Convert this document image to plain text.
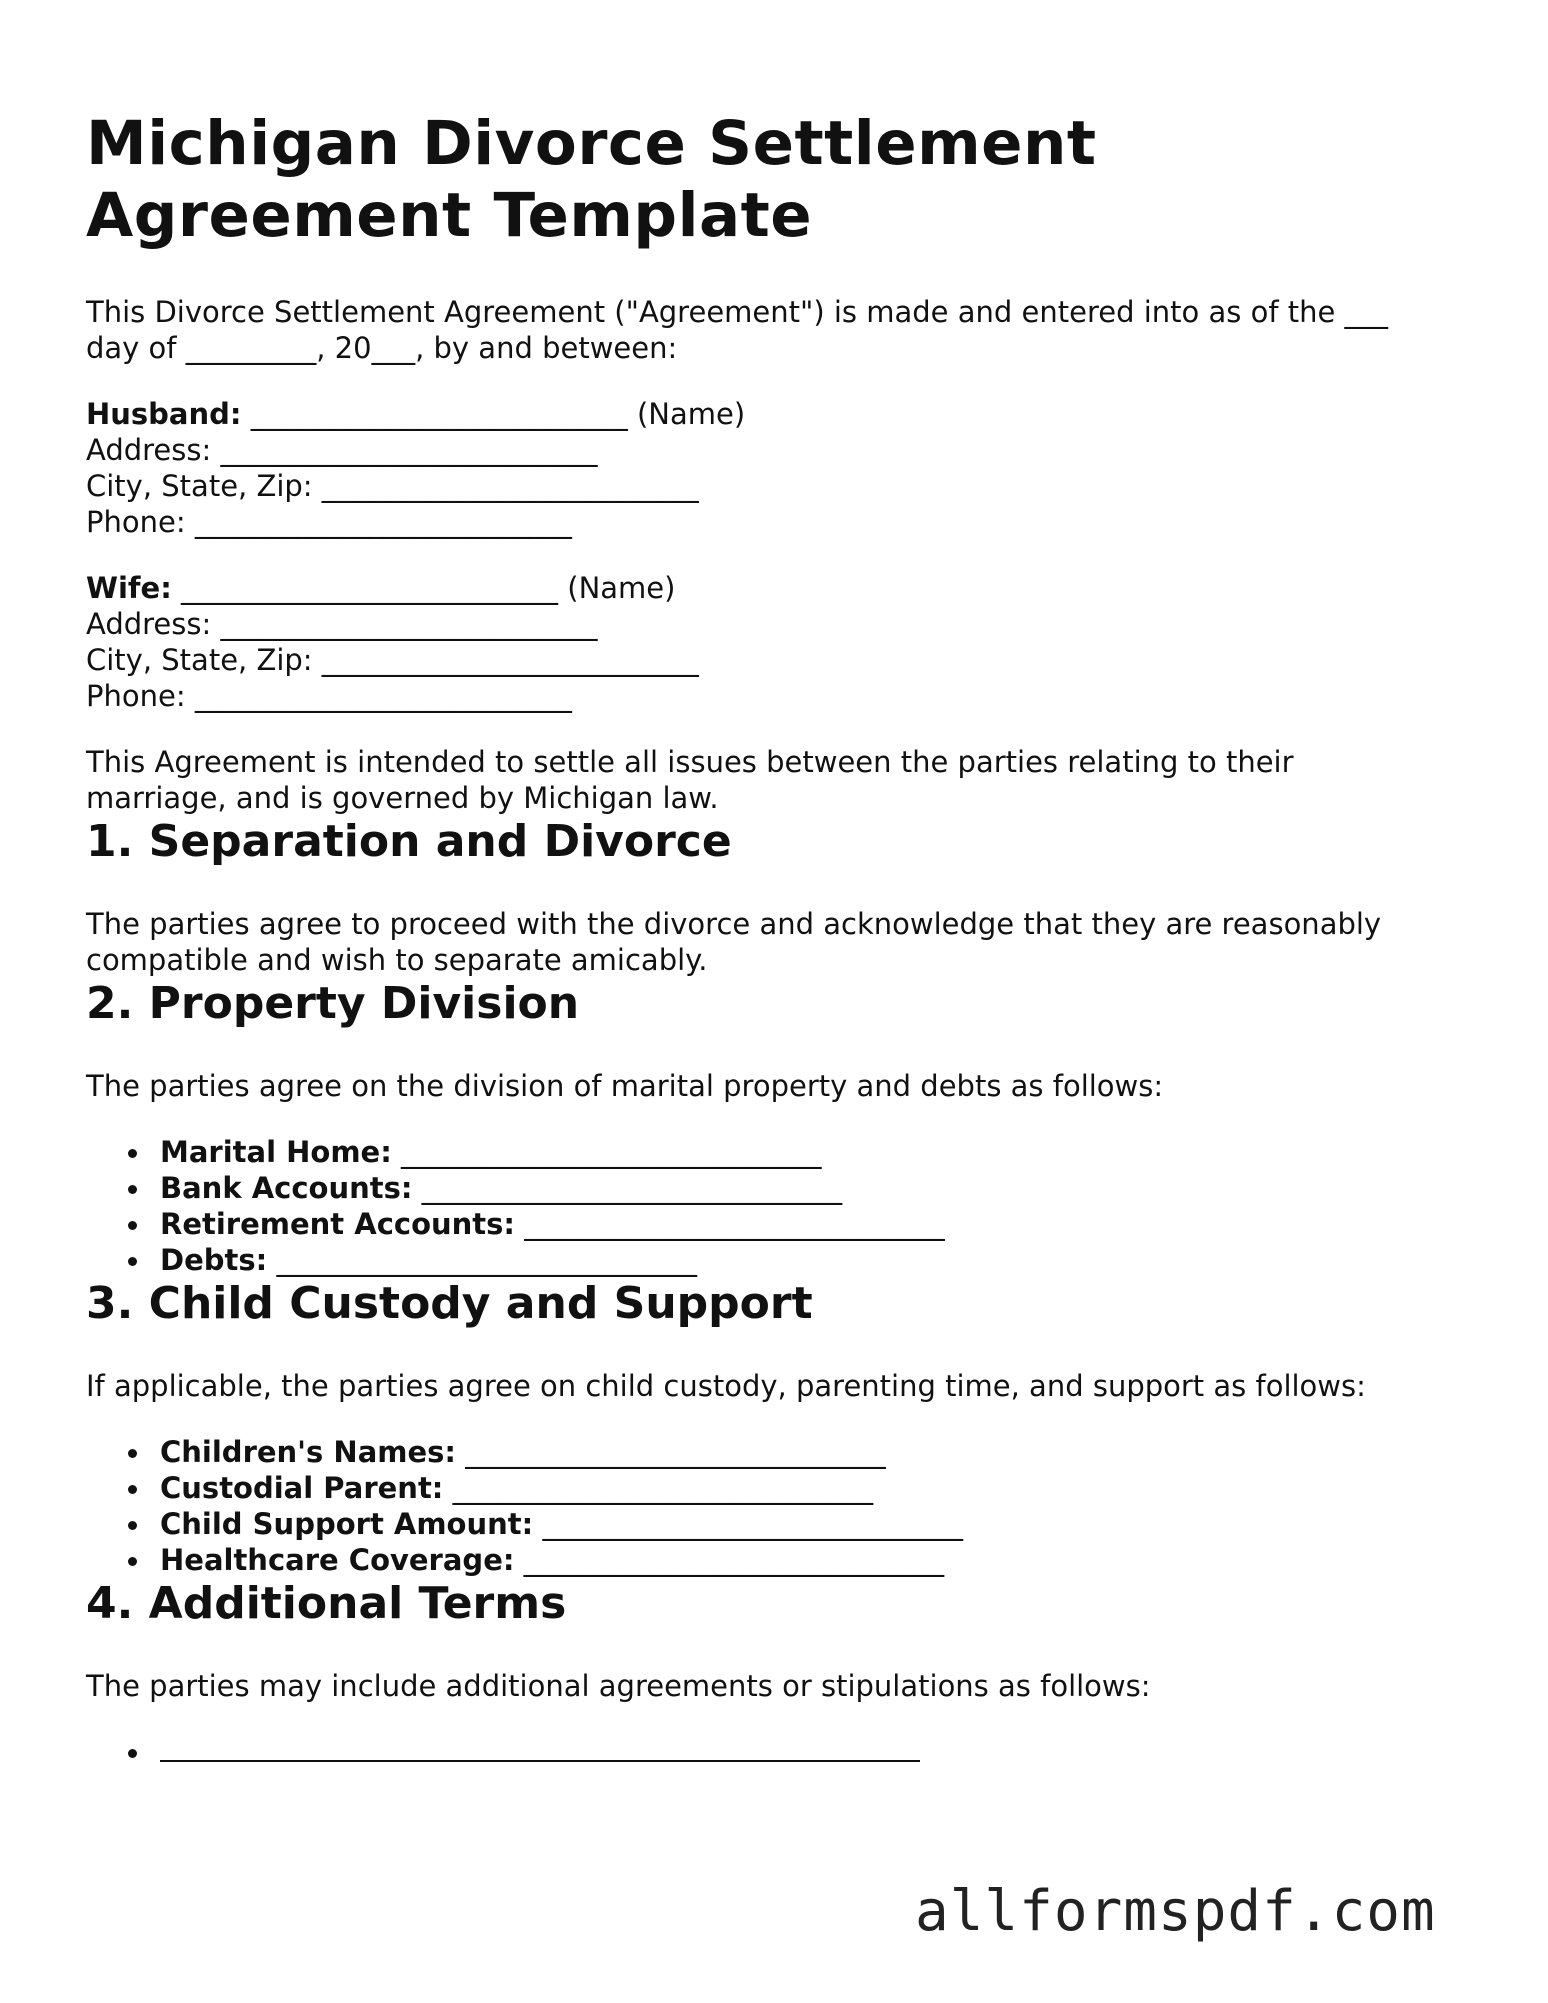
Michigan Divorce Settlement
Agreement Template

This Divorce Settlement Agreement ("Agreement") is made and entered into as of the ___
day of _________, 20___, by and between:

Husband: __________________________ (Name)
Address: __________________________
City, State, Zip: __________________________
Phone: __________________________
Wife: __________________________ (Name)
Address: __________________________
City, State, Zip: __________________________
Phone: __________________________

This Agreement is intended to settle all issues between the parties relating to their
marriage, and is governed by Michigan law.

1. Separation and Divorce

The parties agree to proceed with the divorce and acknowledge that they are reasonably
compatible and wish to separate amicably.

2. Property Division

The parties agree on the division of marital property and debts as follows:

Marital Home: _____________________________
Bank Accounts: _____________________________
Retirement Accounts: _____________________________
Debts: _____________________________
3. Child Custody and Support

If applicable, the parties agree on child custody, parenting time, and support as follows:

Children's Names: _____________________________
Custodial Parent: _____________________________
Child Support Amount: _____________________________
Healthcare Coverage: _____________________________
4. Additional Terms

The parties may include additional agreements or stipulations as follows:

allformspdf.com
